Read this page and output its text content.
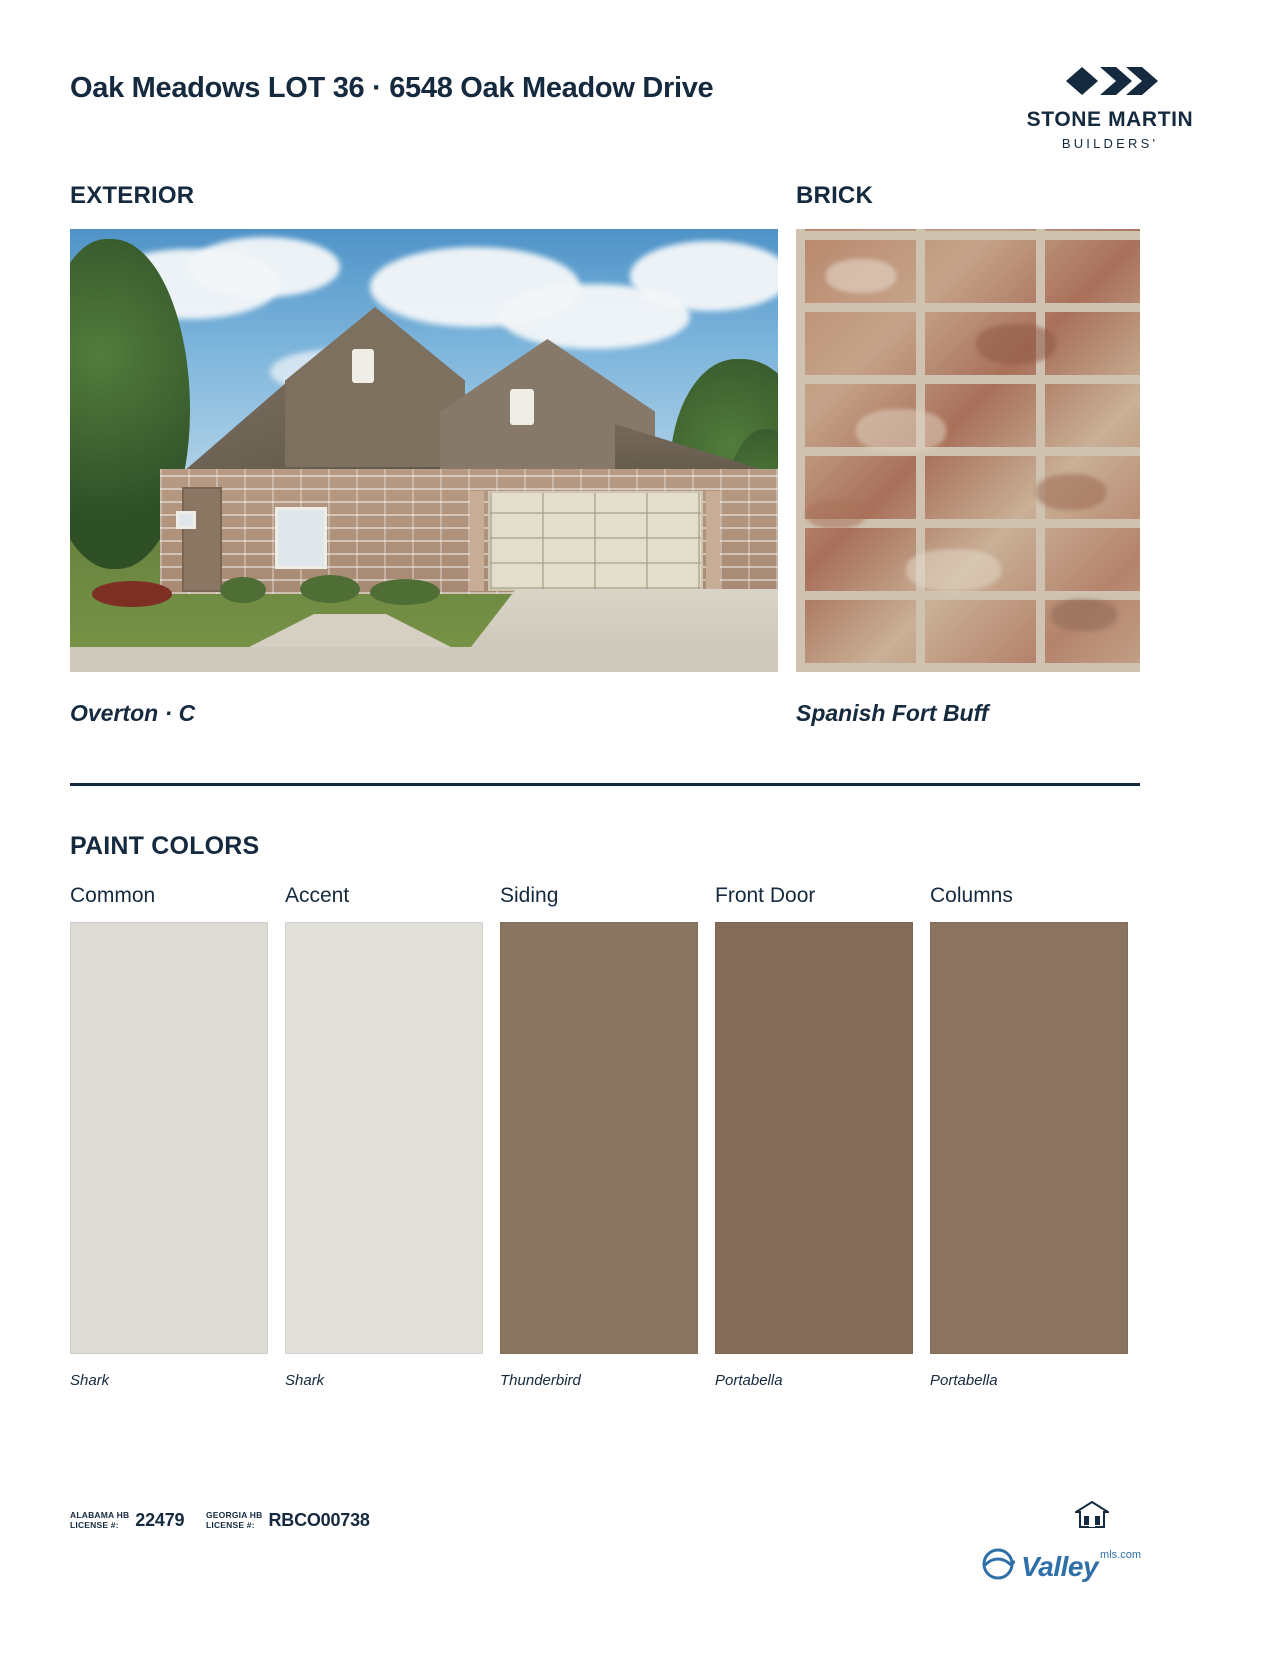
Oak Meadows LOT 36 · 6548 Oak Meadow Drive
STONE MARTIN
BUILDERS'
EXTERIOR	BRICK
Overton · C	Spanish Fort Buff
PAINT COLORS
Common
Shark
Accent
Shark
Siding
Thunderbird
Front Door
Portabella
Columns
Portabella
ALABAMA HB
LICENSE #: 22479	GEORGIA HB
LICENSE #: RBCO00738
Valley mls.com
